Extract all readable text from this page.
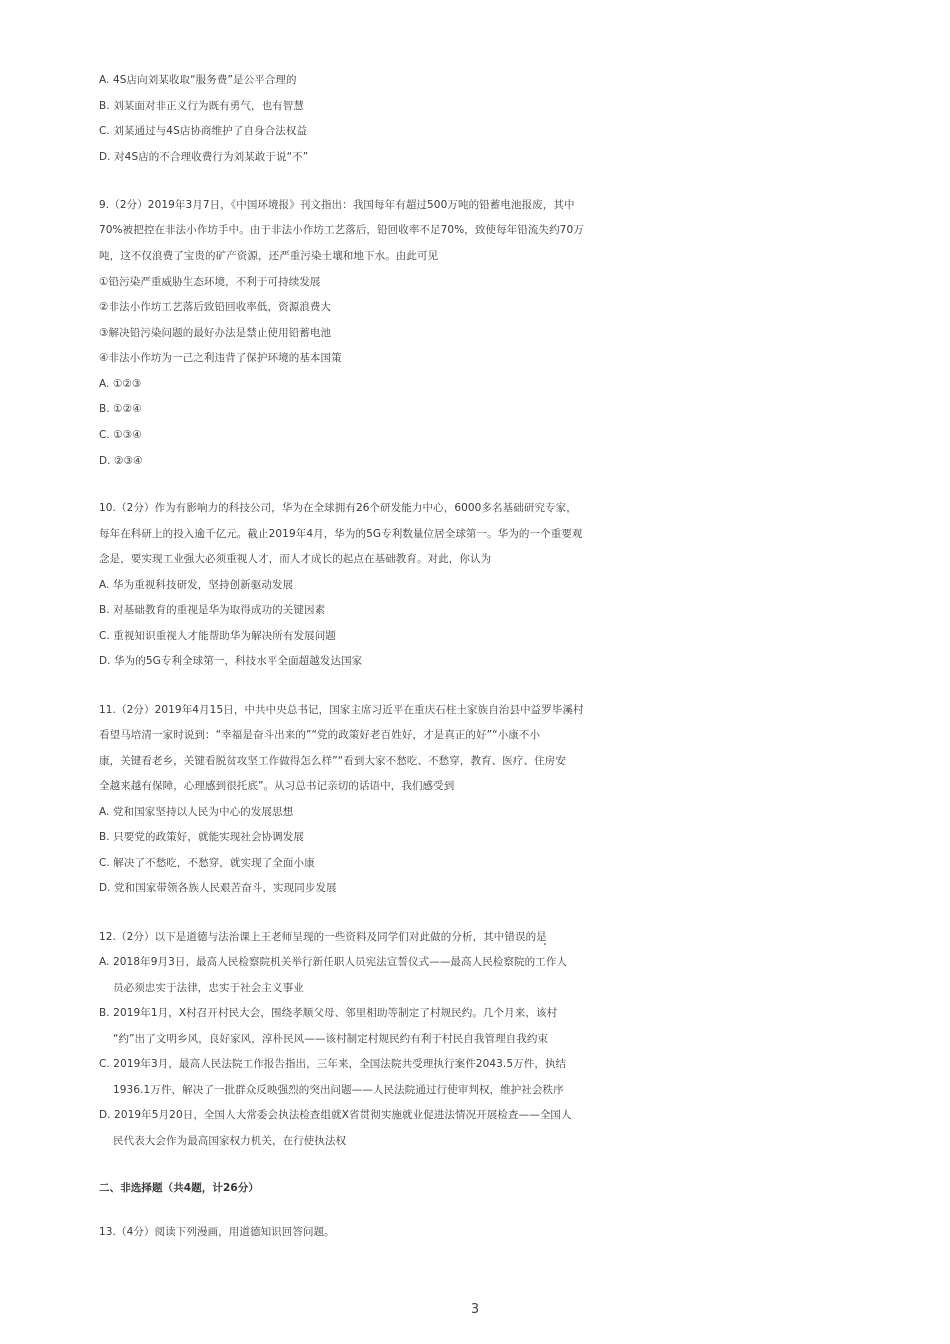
A. 4S店向刘某收取“服务费”是公平合理的
B. 刘某面对非正义行为既有勇气，也有智慧
C. 刘某通过与4S店协商维护了自身合法权益
D. 对4S店的不合理收费行为刘某敢于说“不”
9.（2分）2019年3月7日，《中国环境报》刊文指出：我国每年有超过500万吨的铅蓄电池报废，其中
70%被把控在非法小作坊手中。由于非法小作坊工艺落后，铅回收率不足70%，致使每年铅流失约70万
吨，这不仅浪费了宝贵的矿产资源，还严重污染土壤和地下水。由此可见
①铅污染严重威胁生态环境，不利于可持续发展
②非法小作坊工艺落后致铅回收率低，资源浪费大
③解决铅污染问题的最好办法是禁止使用铅蓄电池
④非法小作坊为一己之利违背了保护环境的基本国策
A. ①②③
B. ①②④
C. ①③④
D. ②③④
10.（2分）作为有影响力的科技公司，华为在全球拥有26个研发能力中心，6000多名基础研究专家，
每年在科研上的投入逾千亿元。截止2019年4月，华为的5G专利数量位居全球第一。华为的一个重要观
念是，要实现工业强大必须重视人才，而人才成长的起点在基础教育。对此，你认为
A. 华为重视科技研发，坚持创新驱动发展
B. 对基础教育的重视是华为取得成功的关键因素
C. 重视知识重视人才能帮助华为解决所有发展问题
D. 华为的5G专利全球第一，科技水平全面超越发达国家
11.（2分）2019年4月15日，中共中央总书记，国家主席习近平在重庆石柱土家族自治县中益罗毕溪村
看望马培清一家时说到：“幸福是奋斗出来的”“党的政策好老百姓好，才是真正的好”“小康不小
康，关键看老乡，关键看脱贫攻坚工作做得怎么样”“看到大家不愁吃、不愁穿，教育、医疗、住房安
全越来越有保障，心理感到很托底”。从习总书记亲切的话语中，我们感受到
A. 党和国家坚持以人民为中心的发展思想
B. 只要党的政策好，就能实现社会协调发展
C. 解决了不愁吃，不愁穿，就实现了全面小康
D. 党和国家带领各族人民艰苦奋斗，实现同步发展
12.（2分）以下是道德与法治课上王老师呈现的一些资料及同学们对此做的分析，其中错误的是
A. 2018年9月3日，最高人民检察院机关举行新任职人员宪法宣誓仪式——最高人民检察院的工作人
员必须忠实于法律，忠实于社会主义事业
B. 2019年1月，X村召开村民大会，围绕孝顺父母、邻里相助等制定了村规民约。几个月来，该村
“约”出了文明乡风，良好家风，淳朴民风——该村制定村规民约有利于村民自我管理自我约束
C. 2019年3月，最高人民法院工作报告指出，三年来，全国法院共受理执行案件2043.5万件，执结
1936.1万件，解决了一批群众反映强烈的突出问题——人民法院通过行使审判权，维护社会秩序
D. 2019年5月20日，全国人大常委会执法检查组就X省贯彻实施就业促进法情况开展检查——全国人
民代表大会作为最高国家权力机关，在行使执法权
二、非选择题（共4题，计26分）
13.（4分）阅读下列漫画，用道德知识回答问题。
3
